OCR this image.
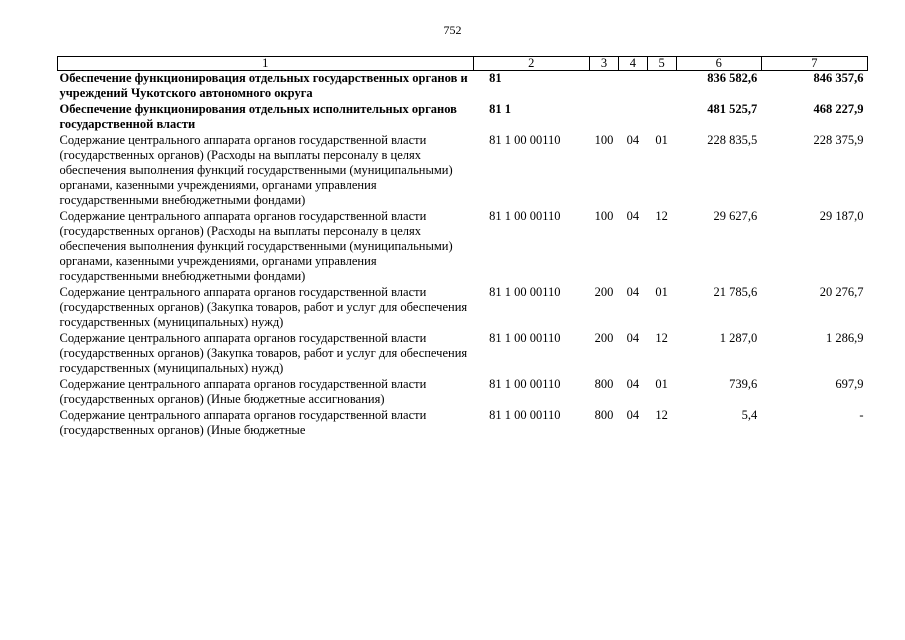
752
1	2	3	4	5	6	7
Обеспечение функционировация отдельных государственных органов и учреждений Чукотского автономного округа	81				836 582,6	846 357,6
Обеспечение функционирования отдельных исполнительных органов государственной власти	81 1				481 525,7	468 227,9
Содержание центрального аппарата органов государственной власти (государственных органов) (Расходы на выплаты персоналу в целях обеспечения выполнения функций государственными (муниципальными) органами, казенными учреждениями, органами управления государственными внебюджетными фондами)	81 1 00 00110	100	04	01	228 835,5	228 375,9
Содержание центрального аппарата органов государственной власти (государственных органов) (Расходы на выплаты персоналу в целях обеспечения выполнения функций государственными (муниципальными) органами, казенными учреждениями, органами управления государственными внебюджетными фондами)	81 1 00 00110	100	04	12	29 627,6	29 187,0
Содержание центрального аппарата органов государственной власти (государственных органов) (Закупка товаров, работ и услуг для обеспечения государственных (муниципальных) нужд)	81 1 00 00110	200	04	01	21 785,6	20 276,7
Содержание центрального аппарата органов государственной власти (государственных органов) (Закупка товаров, работ и услуг для обеспечения государственных (муниципальных) нужд)	81 1 00 00110	200	04	12	1 287,0	1 286,9
Содержание центрального аппарата органов государственной власти (государственных органов) (Иные бюджетные ассигнования)	81 1 00 00110	800	04	01	739,6	697,9
Содержание центрального аппарата органов государственной власти (государственных органов) (Иные бюджетные	81 1 00 00110	800	04	12	5,4	-
